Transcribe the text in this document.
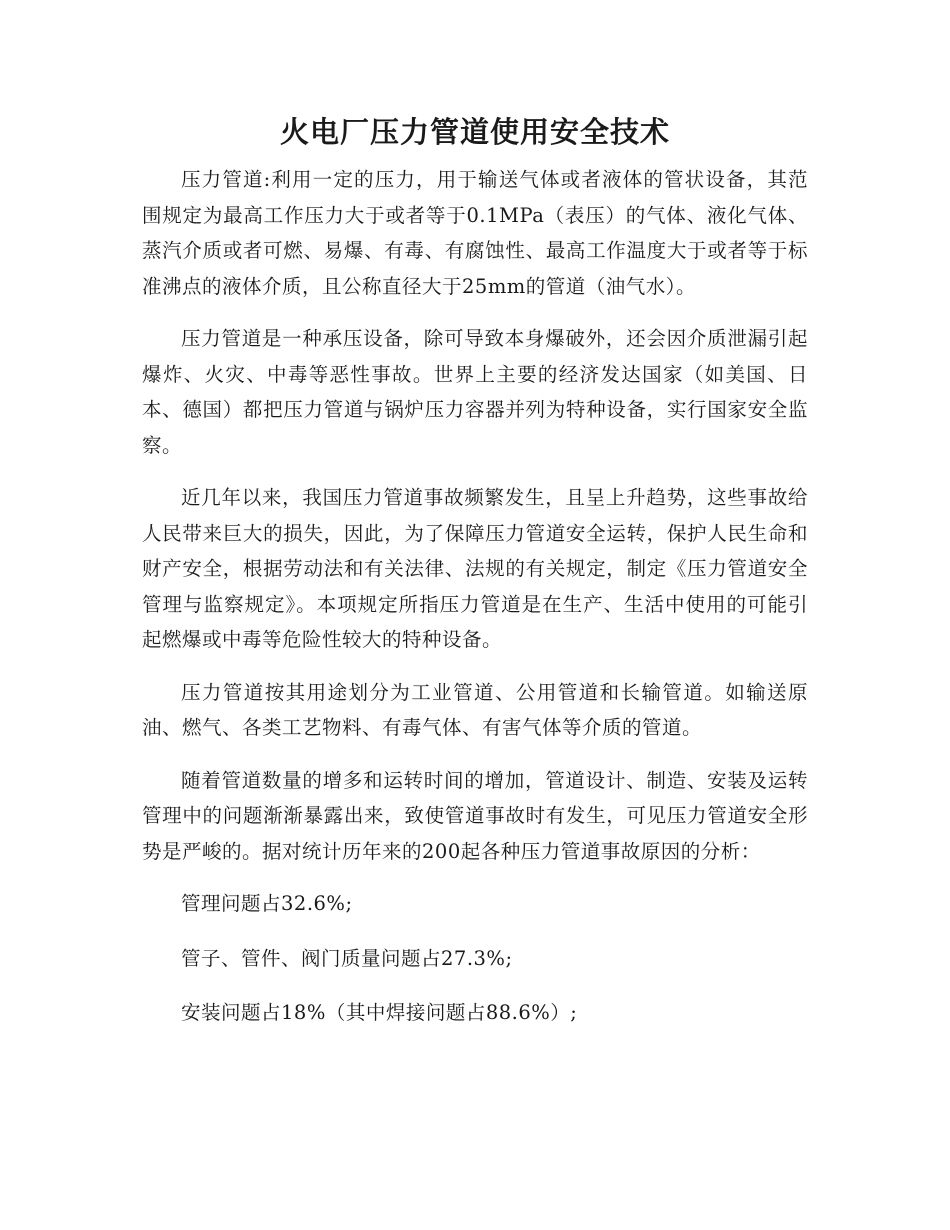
火电厂压力管道使用安全技术

压力管道:利用一定的压力，用于输送气体或者液体的管状设备，其范围规定为最高工作压力大于或者等于0.1MPa（表压）的气体、液化气体、蒸汽介质或者可燃、易爆、有毒、有腐蚀性、最高工作温度大于或者等于标准沸点的液体介质，且公称直径大于25mm的管道（油气水）。

压力管道是一种承压设备，除可导致本身爆破外，还会因介质泄漏引起爆炸、火灾、中毒等恶性事故。世界上主要的经济发达国家（如美国、日本、德国）都把压力管道与锅炉压力容器并列为特种设备，实行国家安全监察。

近几年以来，我国压力管道事故频繁发生，且呈上升趋势，这些事故给人民带来巨大的损失，因此，为了保障压力管道安全运转，保护人民生命和财产安全，根据劳动法和有关法律、法规的有关规定，制定《压力管道安全管理与监察规定》。本项规定所指压力管道是在生产、生活中使用的可能引起燃爆或中毒等危险性较大的特种设备。

压力管道按其用途划分为工业管道、公用管道和长输管道。如输送原油、燃气、各类工艺物料、有毒气体、有害气体等介质的管道。

随着管道数量的增多和运转时间的增加，管道设计、制造、安装及运转管理中的问题渐渐暴露出来，致使管道事故时有发生，可见压力管道安全形势是严峻的。据对统计历年来的200起各种压力管道事故原因的分析：

管理问题占32.6%;

管子、管件、阀门质量问题占27.3%;

安装问题占18%（其中焊接问题占88.6%）;
